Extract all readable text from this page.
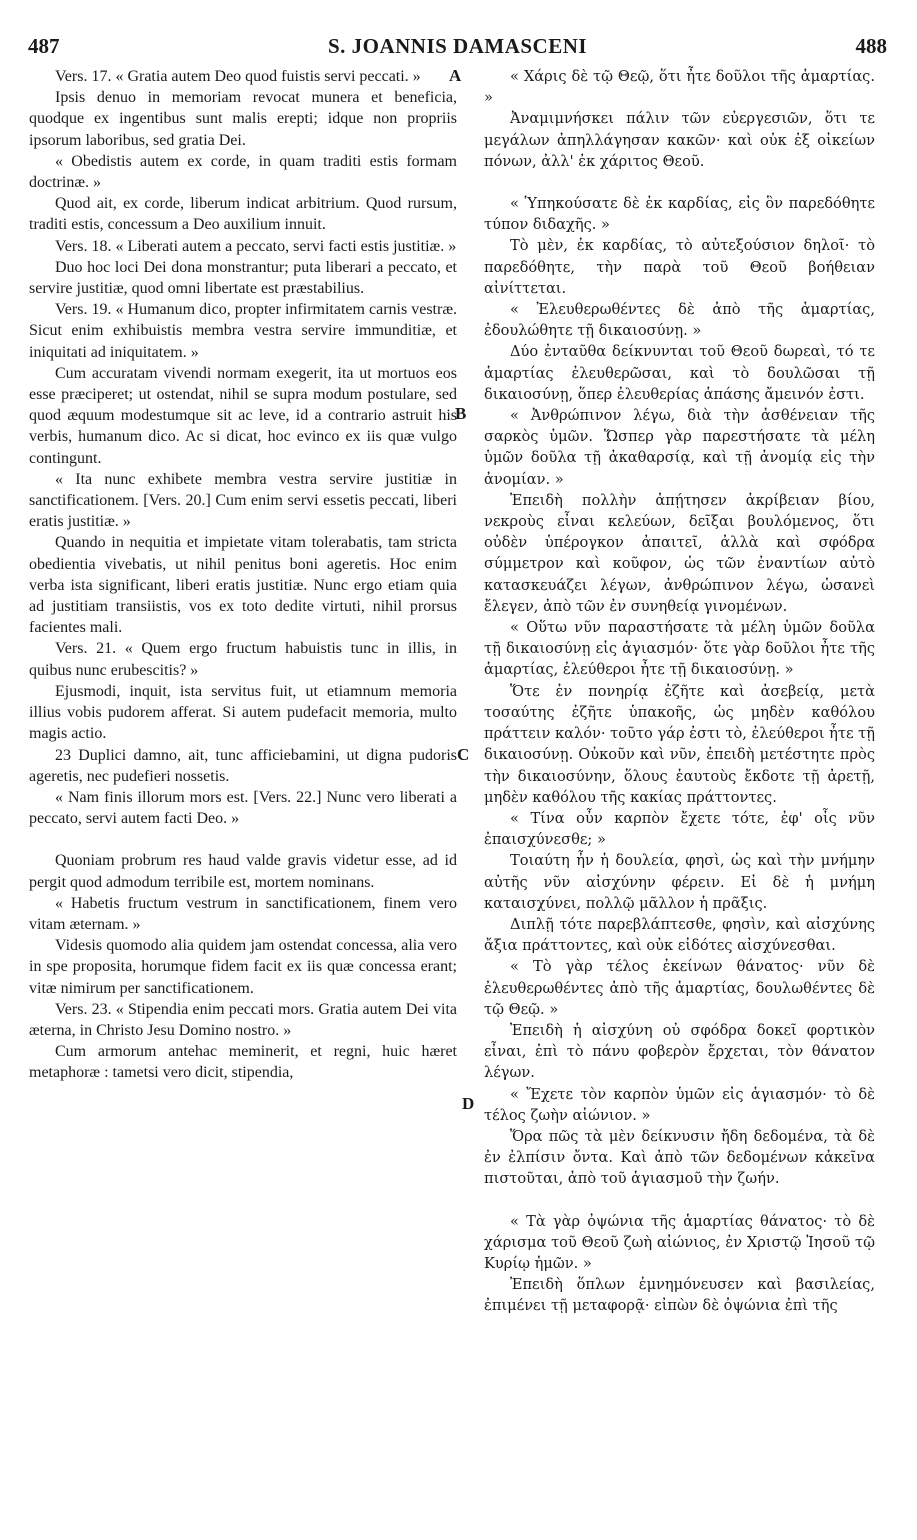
487	S. JOANNIS DAMASCENI	488

Vers. 17. « Gratia autem Deo quod fuistis servi peccati. »

Ipsis denuo in memoriam revocat munera et beneficia, quodque ex ingentibus sunt malis erepti; idque non propriis ipsorum laboribus, sed gratia Dei.

« Obedistis autem ex corde, in quam traditi estis formam doctrinæ. »

Quod ait, ex corde, liberum indicat arbitrium. Quod rursum, traditi estis, concessum a Deo auxilium innuit.

Vers. 18. « Liberati autem a peccato, servi facti estis justitiæ. »

Duo hoc loci Dei dona monstrantur; puta liberari a peccato, et servire justitiæ, quod omni libertate est præstabilius.

Vers. 19. « Humanum dico, propter infirmitatem carnis vestræ. Sicut enim exhibuistis membra vestra servire immunditiæ, et iniquitati ad iniquitatem. »

Cum accuratam vivendi normam exegerit, ita ut mortuos eos esse præciperet; ut ostendat, nihil se supra modum postulare, sed quod æquum modestumque sit ac leve, id a contrario astruit his verbis, humanum dico. Ac si dicat, hoc evinco ex iis quæ vulgo contingunt.

« Ita nunc exhibete membra vestra servire justitiæ in sanctificationem. [Vers. 20.] Cum enim servi essetis peccati, liberi eratis justitiæ. »

Quando in nequitia et impietate vitam tolerabatis, tam stricta obedientia vivebatis, ut nihil penitus boni ageretis. Hoc enim verba ista significant, liberi eratis justitiæ. Nunc ergo etiam quia ad justitiam transiistis, vos ex toto dedite virtuti, nihil prorsus facientes mali.

Vers. 21. « Quem ergo fructum habuistis tunc in illis, in quibus nunc erubescitis? »

Ejusmodi, inquit, ista servitus fuit, ut etiamnum memoria illius vobis pudorem afferat. Si autem pudefacit memoria, multo magis actio.

23 Duplici damno, ait, tunc afficiebamini, ut digna pudoris ageretis, nec pudefieri nossetis.

« Nam finis illorum mors est. [Vers. 22.] Nunc vero liberati a peccato, servi autem facti Deo. »

Quoniam probrum res haud valde gravis videtur esse, ad id pergit quod admodum terribile est, mortem nominans.

« Habetis fructum vestrum in sanctificationem, finem vero vitam æternam. »

Videsis quomodo alia quidem jam ostendat concessa, alia vero in spe proposita, horumque fidem facit ex iis quæ concessa erant; vitæ nimirum per sanctificationem.

Vers. 23. « Stipendia enim peccati mors. Gratia autem Dei vita æterna, in Christo Jesu Domino nostro. »

Cum armorum antehac meminerit, et regni, huic hæret metaphoræ : tametsi vero dicit, stipendia,

« Χάρις δὲ τῷ Θεῷ, ὅτι ἦτε δοῦλοι τῆς ἁμαρτίας. »

Ἀναμιμνήσκει πάλιν τῶν εὐεργεσιῶν, ὅτι τε μεγάλων ἀπηλλάγησαν κακῶν· καὶ οὐκ ἐξ οἰκείων πόνων, ἀλλ' ἐκ χάριτος Θεοῦ.

« Ὑπηκούσατε δὲ ἐκ καρδίας, εἰς ὃν παρεδόθητε τύπον διδαχῆς. »

Τὸ μὲν, ἐκ καρδίας, τὸ αὐτεξούσιον δηλοῖ· τὸ παρεδόθητε, τὴν παρὰ τοῦ Θεοῦ βοήθειαν αἰνίττεται.

« Ἐλευθερωθέντες δὲ ἀπὸ τῆς ἁμαρτίας, ἐδουλώθητε τῇ δικαιοσύνῃ. »

Δύο ἐνταῦθα δείκνυνται τοῦ Θεοῦ δωρεαὶ, τό τε ἁμαρτίας ἐλευθερῶσαι, καὶ τὸ δουλῶσαι τῇ δικαιοσύνῃ, ὅπερ ἐλευθερίας ἁπάσης ἄμεινόν ἐστι.

« Ἀνθρώπινον λέγω, διὰ τὴν ἀσθένειαν τῆς σαρκὸς ὑμῶν. Ὥσπερ γὰρ παρεστήσατε τὰ μέλη ὑμῶν δοῦλα τῇ ἀκαθαρσίᾳ, καὶ τῇ ἀνομίᾳ εἰς τὴν ἀνομίαν. »

Ἐπειδὴ πολλὴν ἀπῄτησεν ἀκρίβειαν βίου, νεκροὺς εἶναι κελεύων, δεῖξαι βουλόμενος, ὅτι οὐδὲν ὑπέρογκον ἀπαιτεῖ, ἀλλὰ καὶ σφόδρα σύμμετρον καὶ κοῦφον, ὡς τῶν ἐναντίων αὐτὸ κατασκευάζει λέγων, ἀνθρώπινον λέγω, ὡσανεὶ ἔλεγεν, ἀπὸ τῶν ἐν συνηθείᾳ γινομένων.

« Οὕτω νῦν παραστήσατε τὰ μέλη ὑμῶν δοῦλα τῇ δικαιοσύνῃ εἰς ἁγιασμόν· ὅτε γὰρ δοῦλοι ἦτε τῆς ἁμαρτίας, ἐλεύθεροι ἦτε τῇ δικαιοσύνῃ. »

Ὅτε ἐν πονηρίᾳ ἐζῆτε καὶ ἀσεβείᾳ, μετὰ τοσαύτης ἐζῆτε ὑπακοῆς, ὡς μηδὲν καθόλου πράττειν καλόν· τοῦτο γάρ ἐστι τὸ, ἐλεύθεροι ἦτε τῇ δικαιοσύνῃ. Οὐκοῦν καὶ νῦν, ἐπειδὴ μετέστητε πρὸς τὴν δικαιοσύνην, ὅλους ἑαυτοὺς ἔκδοτε τῇ ἀρετῇ, μηδὲν καθόλου τῆς κακίας πράττοντες.

« Τίνα οὖν καρπὸν ἔχετε τότε, ἐφ' οἷς νῦν ἐπαισχύνεσθε; »

Τοιαύτη ἦν ἡ δουλεία, φησὶ, ὡς καὶ τὴν μνήμην αὐτῆς νῦν αἰσχύνην φέρειν. Εἰ δὲ ἡ μνήμη καταισχύνει, πολλῷ μᾶλλον ἡ πρᾶξις.

Διπλῇ τότε παρεβλάπτεσθε, φησὶν, καὶ αἰσχύνης ἄξια πράττοντες, καὶ οὐκ εἰδότες αἰσχύνεσθαι.

« Τὸ γὰρ τέλος ἐκείνων θάνατος· νῦν δὲ ἐλευθερωθέντες ἀπὸ τῆς ἁμαρτίας, δουλωθέντες δὲ τῷ Θεῷ. »

Ἐπειδὴ ἡ αἰσχύνη οὐ σφόδρα δοκεῖ φορτικὸν εἶναι, ἐπὶ τὸ πάνυ φοβερὸν ἔρχεται, τὸν θάνατον λέγων.

« Ἔχετε τὸν καρπὸν ὑμῶν εἰς ἁγιασμόν· τὸ δὲ τέλος ζωὴν αἰώνιον. »

Ὅρα πῶς τὰ μὲν δείκνυσιν ἤδη δεδομένα, τὰ δὲ ἐν ἐλπίσιν ὄντα. Καὶ ἀπὸ τῶν δεδομένων κἀκεῖνα πιστοῦται, ἀπὸ τοῦ ἁγιασμοῦ τὴν ζωήν.

« Τὰ γὰρ ὀψώνια τῆς ἁμαρτίας θάνατος· τὸ δὲ χάρισμα τοῦ Θεοῦ ζωὴ αἰώνιος, ἐν Χριστῷ Ἰησοῦ τῷ Κυρίῳ ἡμῶν. »

Ἐπειδὴ ὅπλων ἐμνημόνευσεν καὶ βασιλείας, ἐπιμένει τῇ μεταφορᾷ· εἰπὼν δὲ ὀψώνια ἐπὶ τῆς

A
B
C
D
